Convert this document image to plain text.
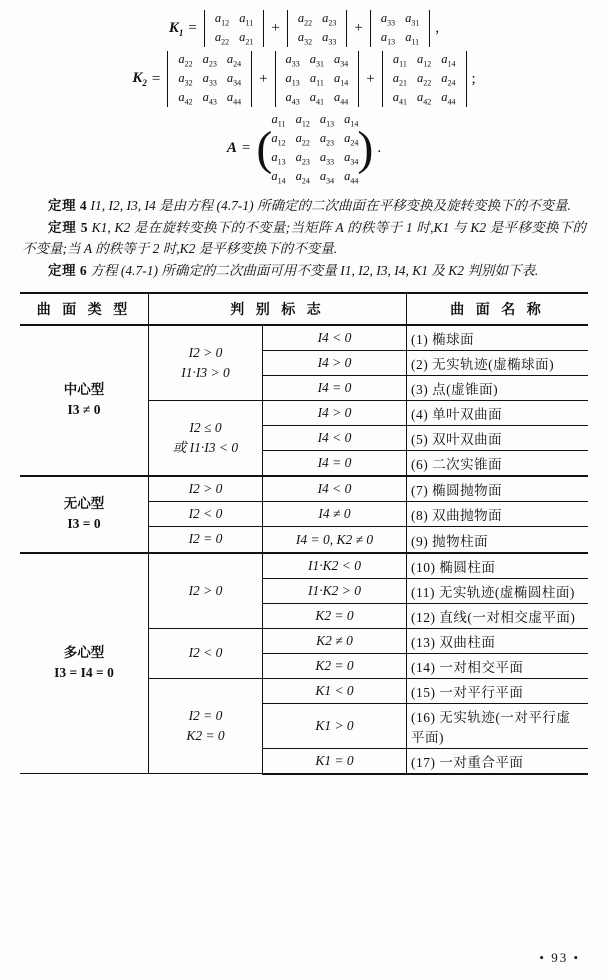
$K_1$ =
$a_{12}$	$a_{11}$
$a_{22}$	$a_{21}$
+
$a_{22}$	$a_{23}$
$a_{32}$	$a_{33}$
+
$a_{33}$	$a_{31}$
$a_{13}$	$a_{11}$
,
$K_2$ =
$a_{22}$	$a_{23}$	$a_{24}$
$a_{32}$	$a_{33}$	$a_{34}$
$a_{42}$	$a_{43}$	$a_{44}$
+
$a_{33}$	$a_{31}$	$a_{34}$
$a_{13}$	$a_{11}$	$a_{14}$
$a_{43}$	$a_{41}$	$a_{44}$
+
$a_{11}$	$a_{12}$	$a_{14}$
$a_{21}$	$a_{22}$	$a_{24}$
$a_{41}$	$a_{42}$	$a_{44}$
;
A =
( $a_{11}$	$a_{12}$	$a_{13}$	$a_{14}$
$a_{12}$	$a_{22}$	$a_{23}$	$a_{24}$
$a_{13}$	$a_{23}$	$a_{33}$	$a_{34}$
$a_{14}$	$a_{24}$	$a_{34}$	$a_{44}$
)
.

定理 4 I1, I2, I3, I4 是由方程 (4.7-1) 所确定的二次曲面在平移变换及旋转变换下的不变量.

定理 5 K1, K2 是在旋转变换下的不变量;当矩阵 A 的秩等于 1 时,K1 与 K2 是平移变换下的不变量;当 A 的秩等于 2 时,K2 是平移变换下的不变量.

定理 6 方程 (4.7-1) 所确定的二次曲面可用不变量 I1, I2, I3, I4, K1 及 K2 判别如下表.

曲 面 类 型	判 别 标 志		曲 面 名 称
中心型
I3 ≠ 0	I2 > 0
I1·I3 > 0	I4 < 0	(1) 椭球面
		I4 > 0	(2) 无实轨迹(虚椭球面)
		I4 = 0	(3) 点(虚锥面)
	I2 ≤ 0
或 I1·I3 < 0	I4 > 0	(4) 单叶双曲面
		I4 < 0	(5) 双叶双曲面
		I4 = 0	(6) 二次实锥面
无心型
I3 = 0	I2 > 0	I4 < 0	(7) 椭圆抛物面
	I2 < 0	I4 ≠ 0	(8) 双曲抛物面
	I2 = 0	I4 = 0, K2 ≠ 0	(9) 抛物柱面
多心型
I3 = I4 = 0	I2 > 0	I1·K2 < 0	(10) 椭圆柱面
		I1·K2 > 0	(11) 无实轨迹(虚椭圆柱面)
		K2 = 0	(12) 直线(一对相交虚平面)
	I2 < 0	K2 ≠ 0	(13) 双曲柱面
		K2 = 0	(14) 一对相交平面
	I2 = 0
K2 = 0	K1 < 0	(15) 一对平行平面
		K1 > 0	(16) 无实轨迹(一对平行虚平面)
		K1 = 0	(17) 一对重合平面
• 93 •
